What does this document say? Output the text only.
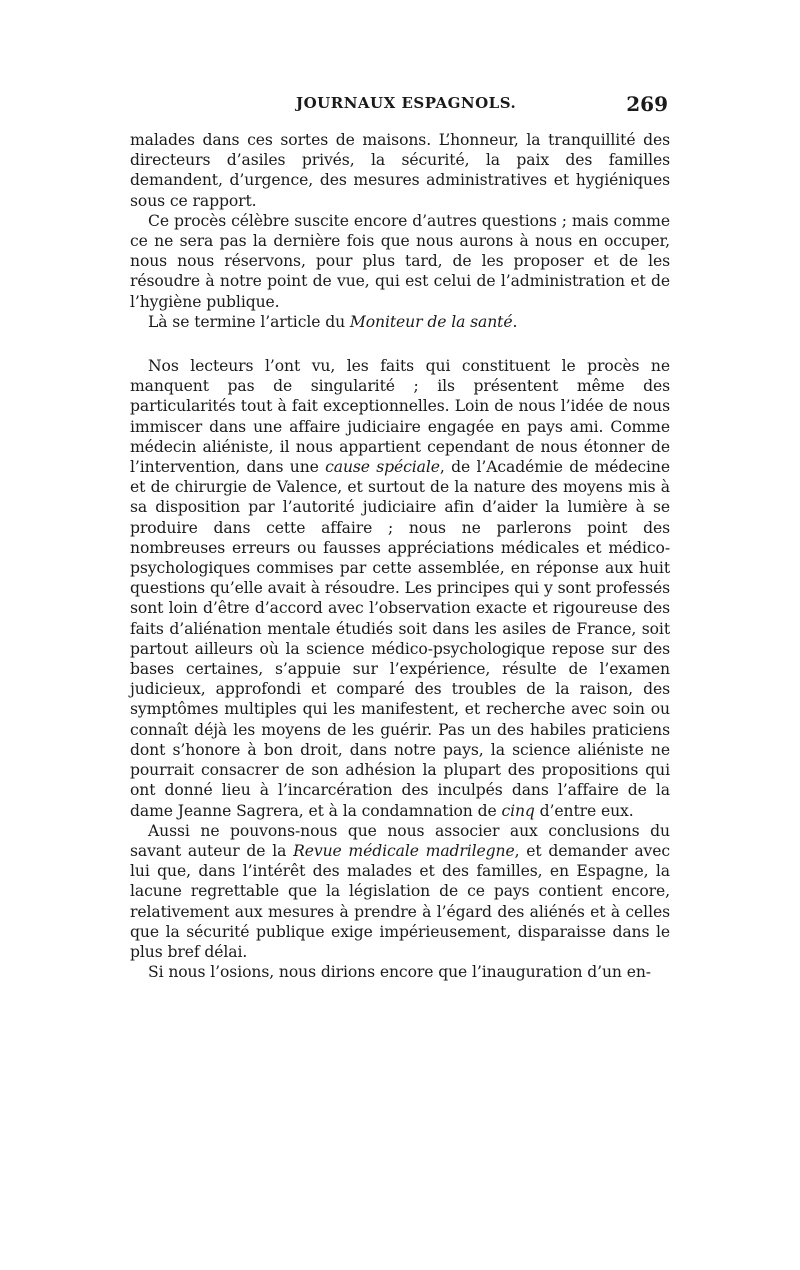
JOURNAUX ESPAGNOLS.	269

malades dans ces sortes de maisons. L’honneur, la tranquillité des directeurs d’asiles privés, la sécurité, la paix des familles demandent, d’urgence, des mesures administratives et hygiéniques sous ce rapport.

Ce procès célèbre suscite encore d’autres questions ; mais comme ce ne sera pas la dernière fois que nous aurons à nous en occuper, nous nous réservons, pour plus tard, de les proposer et de les résoudre à notre point de vue, qui est celui de l’administration et de l’hygiène publique.

Là se termine l’article du Moniteur de la santé.

Nos lecteurs l’ont vu, les faits qui constituent le procès ne manquent pas de singularité ; ils présentent même des particularités tout à fait exceptionnelles. Loin de nous l’idée de nous immiscer dans une affaire judiciaire engagée en pays ami. Comme médecin aliéniste, il nous appartient cependant de nous étonner de l’intervention, dans une cause spéciale, de l’Académie de médecine et de chirurgie de Valence, et surtout de la nature des moyens mis à sa disposition par l’autorité judiciaire afin d’aider la lumière à se produire dans cette affaire ; nous ne parlerons point des nombreuses erreurs ou fausses appréciations médicales et médico-psychologiques commises par cette assemblée, en réponse aux huit questions qu’elle avait à résoudre. Les principes qui y sont professés sont loin d’être d’accord avec l’observation exacte et rigoureuse des faits d’aliénation mentale étudiés soit dans les asiles de France, soit partout ailleurs où la science médico-psychologique repose sur des bases certaines, s’appuie sur l’expérience, résulte de l’examen judicieux, approfondi et comparé des troubles de la raison, des symptômes multiples qui les manifestent, et recherche avec soin ou connaît déjà les moyens de les guérir. Pas un des habiles praticiens dont s’honore à bon droit, dans notre pays, la science aliéniste ne pourrait consacrer de son adhésion la plupart des propositions qui ont donné lieu à l’incarcération des inculpés dans l’affaire de la dame Jeanne Sagrera, et à la condamnation de cinq d’entre eux.

Aussi ne pouvons-nous que nous associer aux conclusions du savant auteur de la Revue médicale madrilegne, et demander avec lui que, dans l’intérêt des malades et des familles, en Espagne, la lacune regrettable que la législation de ce pays contient encore, relativement aux mesures à prendre à l’égard des aliénés et à celles que la sécurité publique exige impérieusement, disparaisse dans le plus bref délai.

Si nous l’osions, nous dirions encore que l’inauguration d’un en-
